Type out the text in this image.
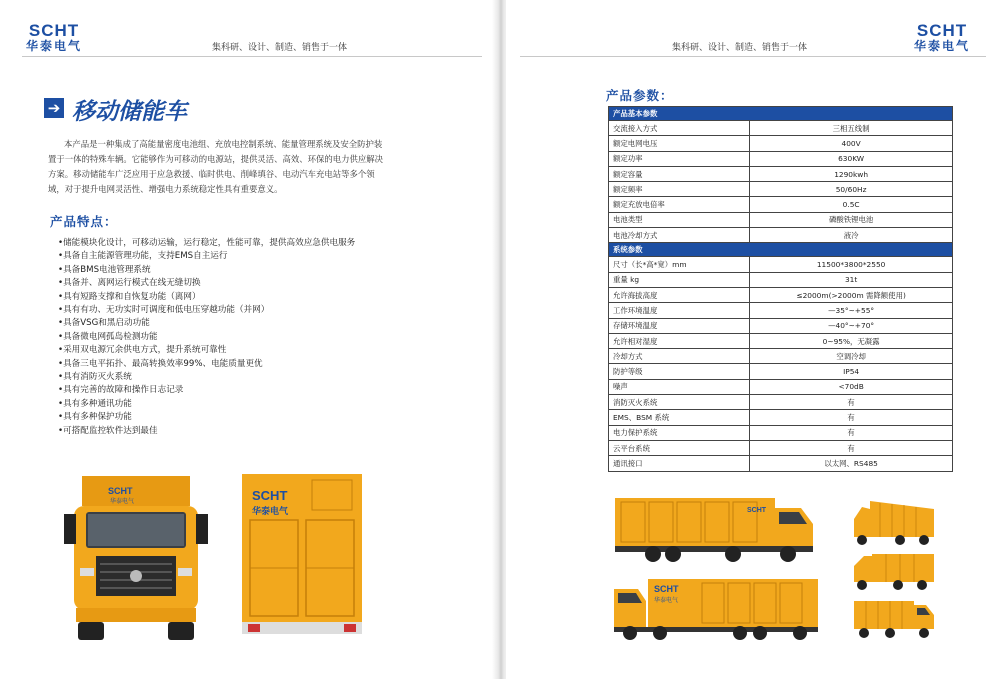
SCHT
华泰电气	集科研、设计、制造、销售于一体
➔ 移动储能车
本产品是一种集成了高能量密度电池组、充放电控制系统、能量管理系统及安全防护装置于一体的特殊车辆。它能够作为可移动的电源站，提供灵活、高效、环保的电力供应解决方案。移动储能车广泛应用于应急救援、临时供电、削峰填谷、电动汽车充电站等多个领域，对于提升电网灵活性、增强电力系统稳定性具有重要意义。
产品特点：
•储能模块化设计，可移动运输，运行稳定，性能可靠，提供高效应急供电服务
•具备自主能源管理功能，支持EMS自主运行
•具备BMS电池管理系统
•具备并、离网运行模式在线无缝切换
•具有短路支撑和自恢复功能（离网）
•具有有功、无功实时可调度和低电压穿越功能（并网）
•具备VSG和黑启动功能
•具备微电网孤岛检测功能
•采用双电源冗余供电方式，提升系统可靠性
•具备三电平拓扑、最高转换效率99%、电能质量更优
•具有消防灭火系统
•具有完善的故障和操作日志记录
•具有多种通讯功能
•具有多种保护功能
•可搭配监控软件达到最佳
SCHT
华泰电气	SCHT
华泰电气
集科研、设计、制造、销售于一体
SCHT
华泰电气
产品参数：
产品基本参数	
交流接入方式	三相五线制
额定电网电压	400V
额定功率	630KW
额定容量	1290kwh
额定频率	50/60Hz
额定充放电倍率	0.5C
电池类型	磷酸铁锂电池
电池冷却方式	液冷
系统参数	
尺寸（长*高*宽）mm	11500*3800*2550
重量 kg	31t
允许海拔高度	≤2000m(>2000m 需降额使用)
工作环境温度	—35°~+55°
存储环境温度	—40°~+70°
允许相对湿度	0~95%，无凝露
冷却方式	空调冷却
防护等级	IP54
噪声	<70dB
消防灭火系统	有
EMS、BSM 系统	有
电力保护系统	有
云平台系统	有
通讯接口	以太网、RS485
SCHT
SCHT
华泰电气
